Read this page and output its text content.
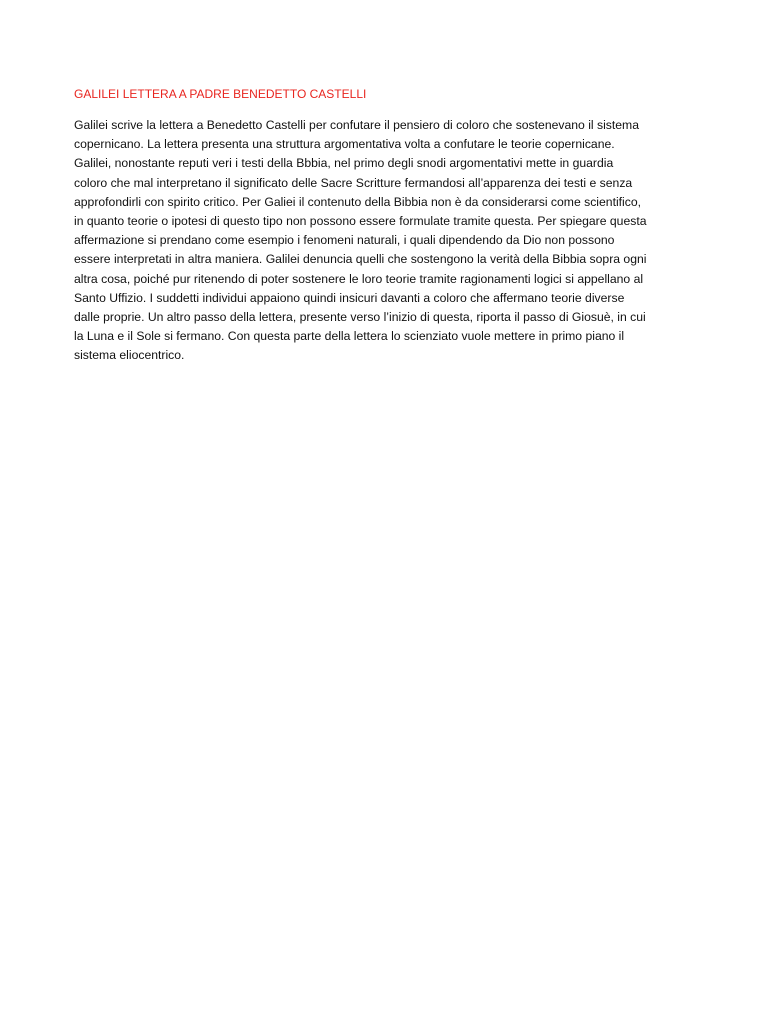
GALILEI LETTERA A PADRE BENEDETTO CASTELLI
Galilei scrive la lettera a Benedetto Castelli per confutare il pensiero di coloro che sostenevano il sistema
copernicano. La lettera presenta una struttura argomentativa volta a confutare le teorie copernicane.
Galilei, nonostante reputi veri i testi della Bbbia, nel primo degli snodi argomentativi mette in guardia
coloro che mal interpretano il significato delle Sacre Scritture fermandosi all’apparenza dei testi e senza
approfondirli con spirito critico. Per Galiei il contenuto della Bibbia non è da considerarsi come scientifico,
in quanto teorie o ipotesi di questo tipo non possono essere formulate tramite questa. Per spiegare questa
affermazione si prendano come esempio i fenomeni naturali, i quali dipendendo da Dio non possono
essere interpretati in altra maniera. Galilei denuncia quelli che sostengono la verità della Bibbia sopra ogni
altra cosa, poiché pur ritenendo di poter sostenere le loro teorie tramite ragionamenti logici si appellano al
Santo Uffizio. I suddetti individui appaiono quindi insicuri davanti a coloro che affermano teorie diverse
dalle proprie. Un altro passo della lettera, presente verso l’inizio di questa, riporta il passo di Giosuè, in cui
la Luna e il Sole si fermano. Con questa parte della lettera lo scienziato vuole mettere in primo piano il
sistema eliocentrico.
